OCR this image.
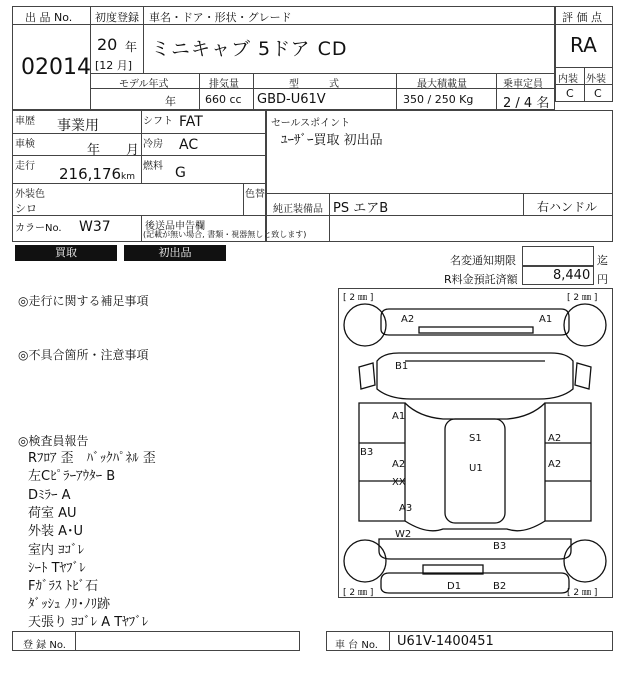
出 品 No.
02014
初度登録 車名・ドア・形状・グレード
20 年
[12 月]
ミニキャブ 5ドア CD
評 価 点
RA
内装 外装
C C
モデル年式	排気量	型　　　式	最大積載量	乗車定員
年	660 cc GBD-U61V	350 / 250 Kg 2 / 4 名
車歴 事業用	シフト FAT
車検	年　　月 冷房 AC
走行 216,176 km
燃料 G
外装色
シロ
色替
カラーNo. W37	後送品申告欄
(記載が無い場合, 書類・視器無しと致します)
セールスポイント
ﾕｰｻﾞｰ買取 初出品
純正装備品 PS エアB	右ハンドル
買取	初出品
名変通知期限	迄
R料金預託済額	8,440 円
◎走行に関する補足事項
◎不具合箇所・注意事項
◎検査員報告
Rﾌﾛｱ 歪　ﾊﾞｯｸﾊﾟﾈﾙ 歪
左Cﾋﾟﾗｰｱｳﾀｰ B
Dﾐﾗｰ A
荷室 AU
外装 A･U
室内 ﾖｺﾞﾚ
ｼｰﾄ Tﾔﾌﾞﾚ
Fｶﾞﾗｽ ﾄﾋﾞ石
ﾀﾞｯｼｭ ﾉﾘ･ﾉﾘ跡
天張り ﾖｺﾞﾚ A Tﾔﾌﾞﾚ
[ 2 ㎜ ]	[ 2 ㎜ ]
[ 2 ㎜ ]	[ 2 ㎜ ]
A2	A1
B1
A1
S1	A2
B3
A2	U1	A2
XX
A3
W2
B3
D1	B2
登 録 No.	車 台 No. U61V-1400451
